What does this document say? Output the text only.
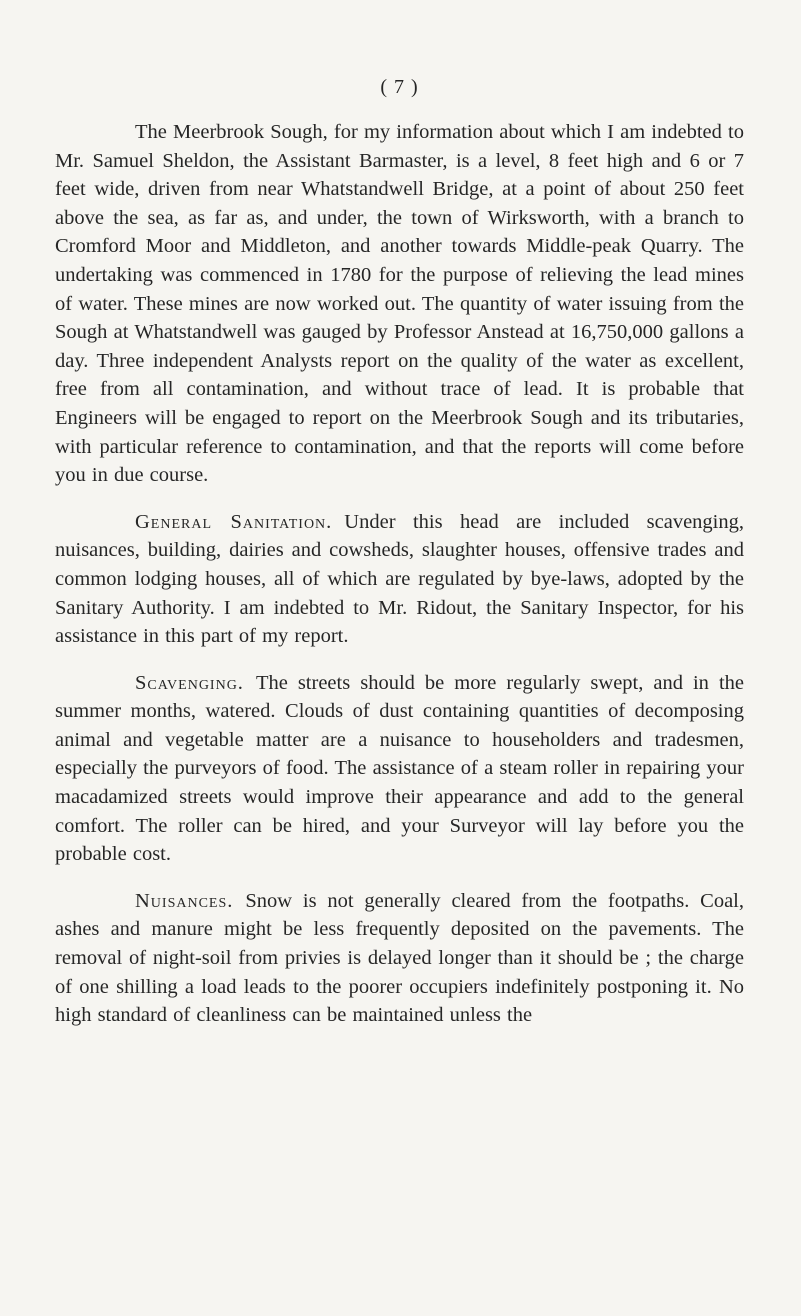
( 7 )

The Meerbrook Sough, for my information about which I am indebted to Mr. Samuel Sheldon, the Assistant Barmaster, is a level, 8 feet high and 6 or 7 feet wide, driven from near Whatstandwell Bridge, at a point of about 250 feet above the sea, as far as, and under, the town of Wirksworth, with a branch to Cromford Moor and Middleton, and another towards Middle-peak Quarry. The undertaking was commenced in 1780 for the purpose of relieving the lead mines of water. These mines are now worked out. The quantity of water issuing from the Sough at Whatstandwell was gauged by Professor Anstead at 16,750,000 gallons a day. Three independent Analysts report on the quality of the water as excellent, free from all contamination, and without trace of lead. It is probable that Engineers will be engaged to report on the Meerbrook Sough and its tributaries, with particular reference to contamination, and that the reports will come before you in due course.

General Sanitation. Under this head are included scavenging, nuisances, building, dairies and cowsheds, slaughter houses, offensive trades and common lodging houses, all of which are regulated by bye-laws, adopted by the Sanitary Authority. I am indebted to Mr. Ridout, the Sanitary Inspector, for his assistance in this part of my report.

Scavenging. The streets should be more regularly swept, and in the summer months, watered. Clouds of dust containing quantities of decomposing animal and vegetable matter are a nuisance to householders and tradesmen, especially the purveyors of food. The assistance of a steam roller in repairing your macadamized streets would improve their appearance and add to the general comfort. The roller can be hired, and your Surveyor will lay before you the probable cost.

Nuisances. Snow is not generally cleared from the footpaths. Coal, ashes and manure might be less frequently deposited on the pavements. The removal of night-soil from privies is delayed longer than it should be ; the charge of one shilling a load leads to the poorer occupiers indefinitely postponing it. No high standard of cleanliness can be maintained unless the
